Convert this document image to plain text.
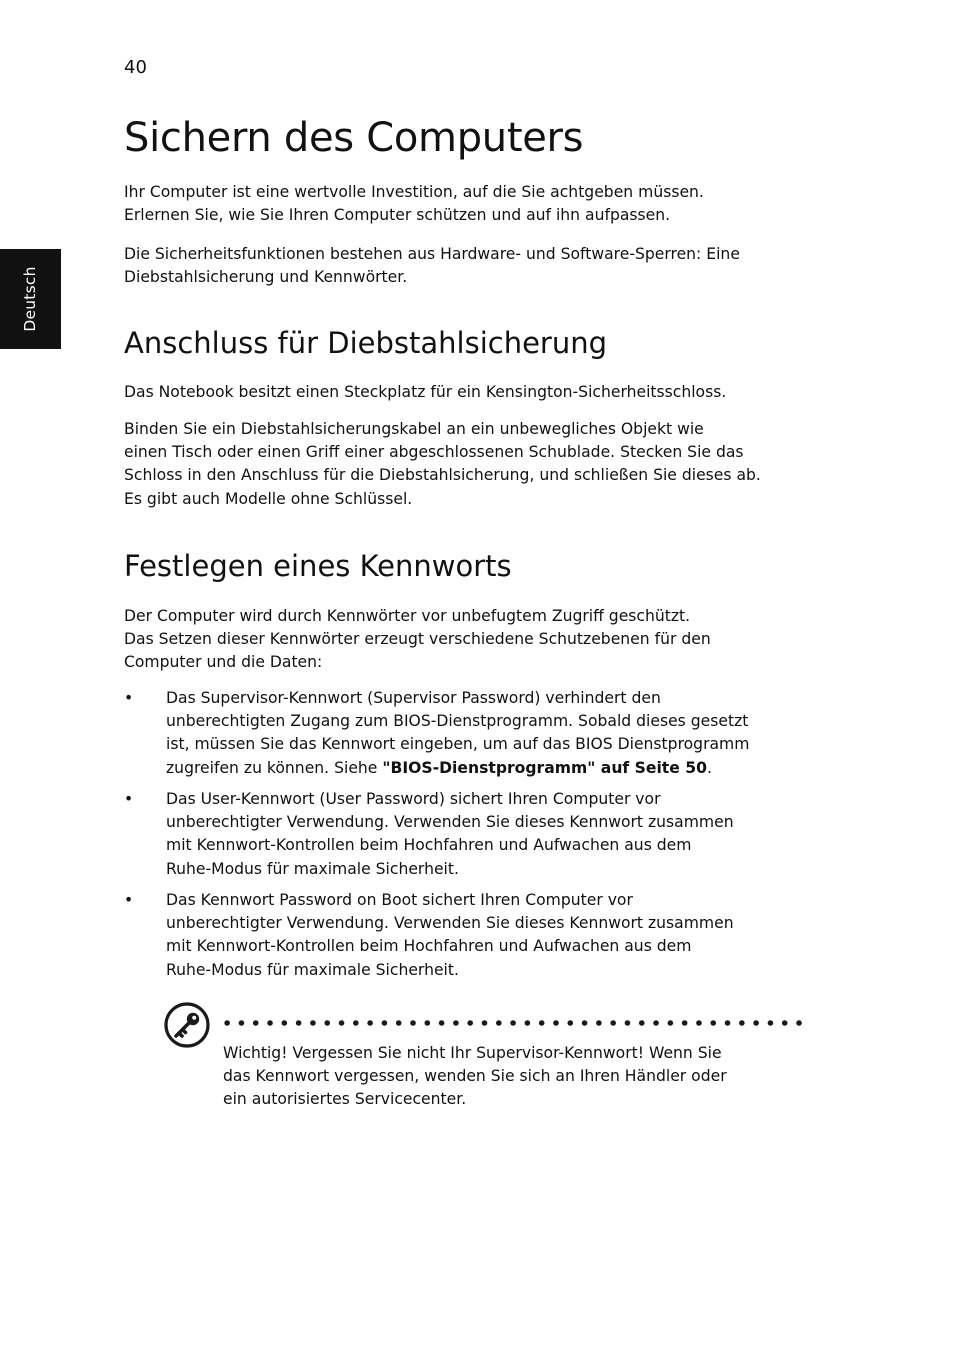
40
Deutsch
Sichern des Computers

Ihr Computer ist eine wertvolle Investition, auf die Sie achtgeben müssen.
Erlernen Sie, wie Sie Ihren Computer schützen und auf ihn aufpassen.

Die Sicherheitsfunktionen bestehen aus Hardware- und Software-Sperren: Eine
Diebstahlsicherung und Kennwörter.

Anschluss für Diebstahlsicherung

Das Notebook besitzt einen Steckplatz für ein Kensington-Sicherheitsschloss.

Binden Sie ein Diebstahlsicherungskabel an ein unbewegliches Objekt wie
einen Tisch oder einen Griff einer abgeschlossenen Schublade. Stecken Sie das
Schloss in den Anschluss für die Diebstahlsicherung, und schließen Sie dieses ab.
Es gibt auch Modelle ohne Schlüssel.

Festlegen eines Kennworts

Der Computer wird durch Kennwörter vor unbefugtem Zugriff geschützt.
Das Setzen dieser Kennwörter erzeugt verschiedene Schutzebenen für den
Computer und die Daten:

• Das Supervisor-Kennwort (Supervisor Password) verhindert den
unberechtigten Zugang zum BIOS-Dienstprogramm. Sobald dieses gesetzt
ist, müssen Sie das Kennwort eingeben, um auf das BIOS Dienstprogramm
zugreifen zu können. Siehe "BIOS-Dienstprogramm" auf Seite 50.
• Das User-Kennwort (User Password) sichert Ihren Computer vor
unberechtigter Verwendung. Verwenden Sie dieses Kennwort zusammen
mit Kennwort-Kontrollen beim Hochfahren und Aufwachen aus dem
Ruhe-Modus für maximale Sicherheit.
• Das Kennwort Password on Boot sichert Ihren Computer vor
unberechtigter Verwendung. Verwenden Sie dieses Kennwort zusammen
mit Kennwort-Kontrollen beim Hochfahren und Aufwachen aus dem
Ruhe-Modus für maximale Sicherheit.
Wichtig! Vergessen Sie nicht Ihr Supervisor-Kennwort! Wenn Sie
das Kennwort vergessen, wenden Sie sich an Ihren Händler oder
ein autorisiertes Servicecenter.
